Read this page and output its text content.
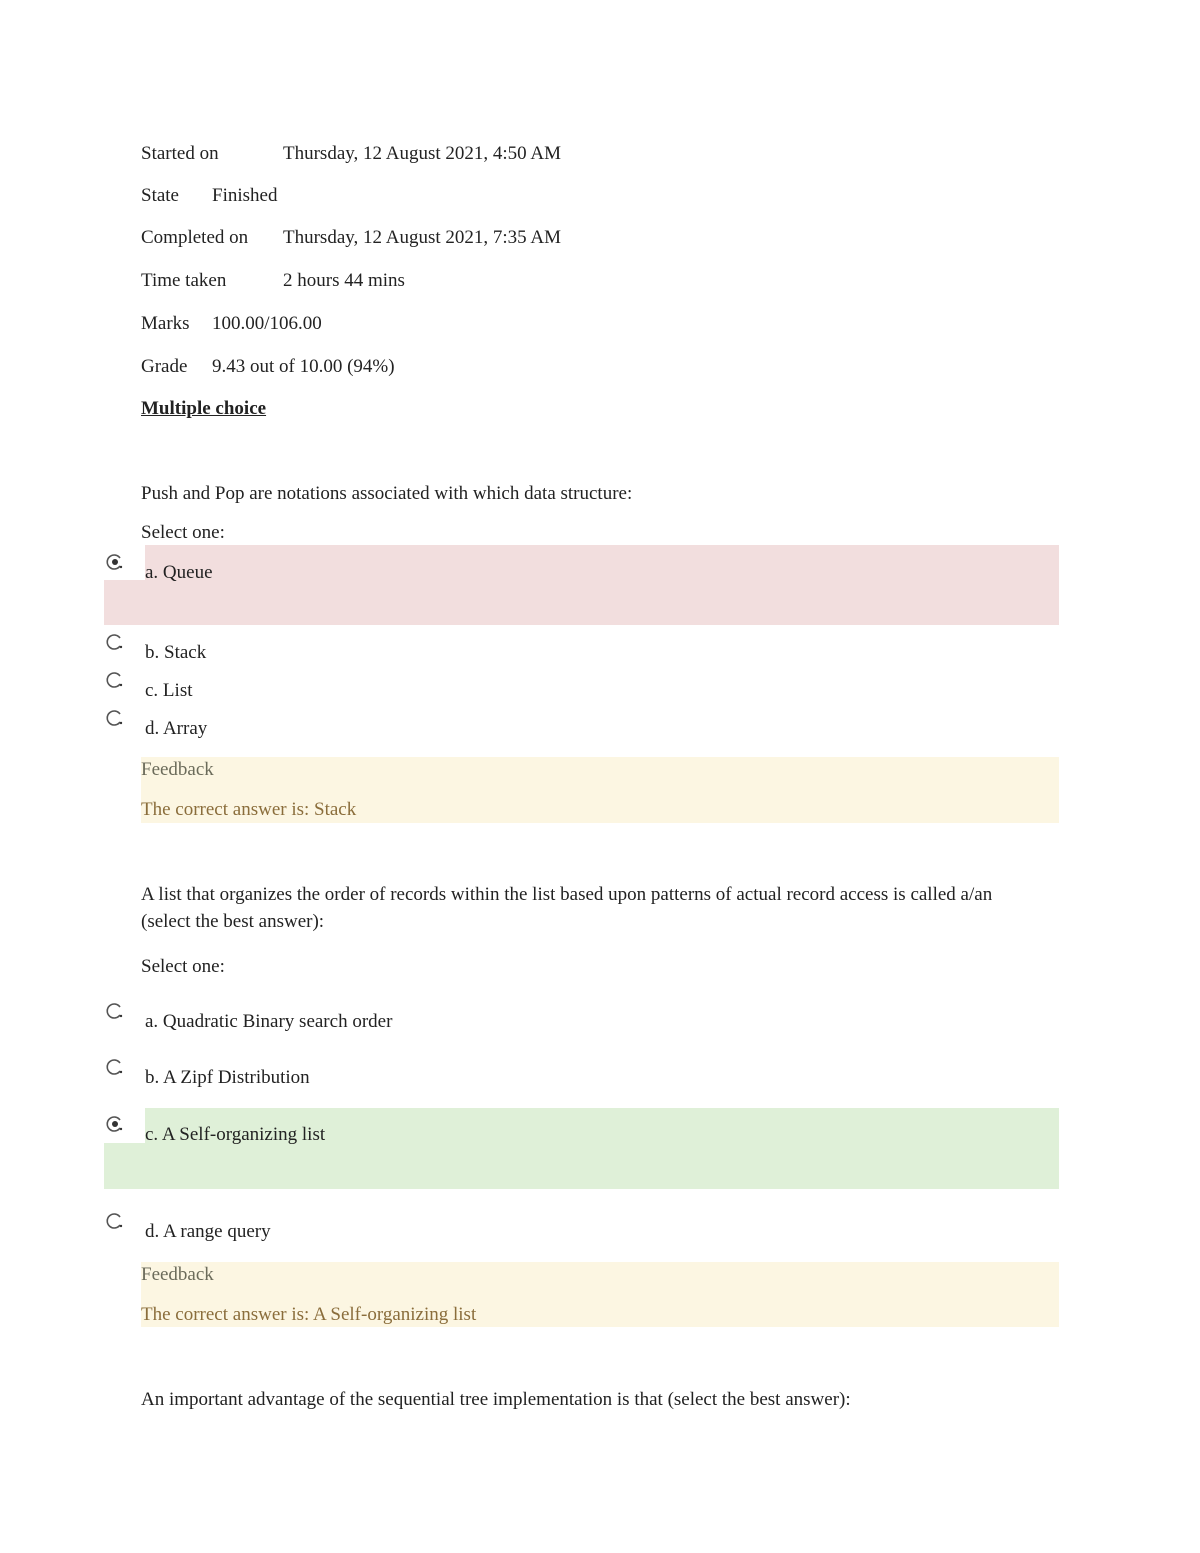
Started on	Thursday, 12 August 2021, 4:50 AM
State Finished
Completed on Thursday, 12 August 2021, 7:35 AM
Time taken	2 hours 44 mins
Marks 100.00/106.00
Grade 9.43 out of 10.00 (94%)
Multiple choice
Push and Pop are notations associated with which data structure:
Select one:
a. Queue
b. Stack
c. List
d. Array
Feedback
The correct answer is: Stack
A list that organizes the order of records within the list based upon patterns of actual record access is called a/an (select the best answer):
Select one:
a. Quadratic Binary search order
b. A Zipf Distribution
c. A Self-organizing list
d. A range query
Feedback
The correct answer is: A Self-organizing list
An important advantage of the sequential tree implementation is that (select the best answer):
